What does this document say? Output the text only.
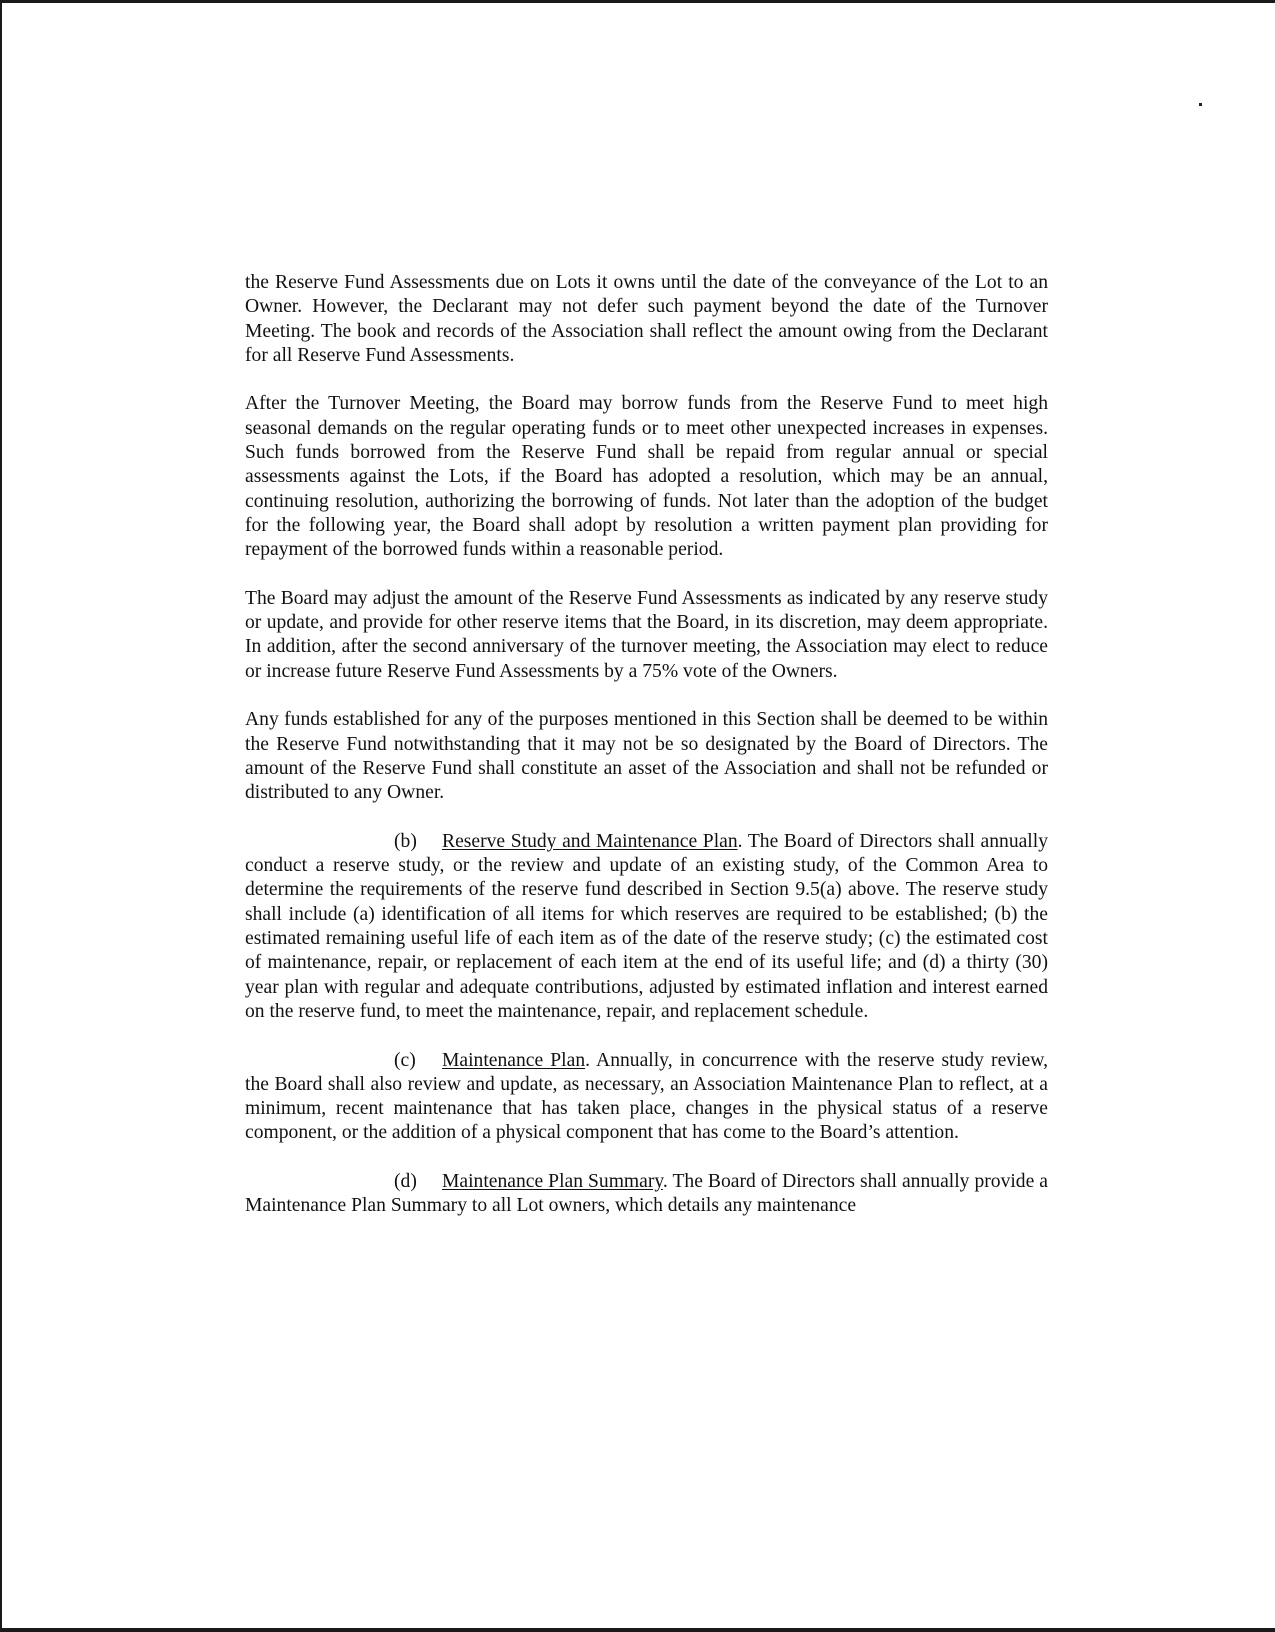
the Reserve Fund Assessments due on Lots it owns until the date of the conveyance of the Lot to an Owner. However, the Declarant may not defer such payment beyond the date of the Turnover Meeting. The book and records of the Association shall reflect the amount owing from the Declarant for all Reserve Fund Assessments.

After the Turnover Meeting, the Board may borrow funds from the Reserve Fund to meet high seasonal demands on the regular operating funds or to meet other unexpected increases in expenses. Such funds borrowed from the Reserve Fund shall be repaid from regular annual or special assessments against the Lots, if the Board has adopted a resolution, which may be an annual, continuing resolution, authorizing the borrowing of funds. Not later than the adoption of the budget for the following year, the Board shall adopt by resolution a written payment plan providing for repayment of the borrowed funds within a reasonable period.

The Board may adjust the amount of the Reserve Fund Assessments as indicated by any reserve study or update, and provide for other reserve items that the Board, in its discretion, may deem appropriate. In addition, after the second anniversary of the turnover meeting, the Association may elect to reduce or increase future Reserve Fund Assessments by a 75% vote of the Owners.

Any funds established for any of the purposes mentioned in this Section shall be deemed to be within the Reserve Fund notwithstanding that it may not be so designated by the Board of Directors. The amount of the Reserve Fund shall constitute an asset of the Association and shall not be refunded or distributed to any Owner.

(b) Reserve Study and Maintenance Plan. The Board of Directors shall annually conduct a reserve study, or the review and update of an existing study, of the Common Area to determine the requirements of the reserve fund described in Section 9.5(a) above. The reserve study shall include (a) identification of all items for which reserves are required to be established; (b) the estimated remaining useful life of each item as of the date of the reserve study; (c) the estimated cost of maintenance, repair, or replacement of each item at the end of its useful life; and (d) a thirty (30) year plan with regular and adequate contributions, adjusted by estimated inflation and interest earned on the reserve fund, to meet the maintenance, repair, and replacement schedule.

(c) Maintenance Plan. Annually, in concurrence with the reserve study review, the Board shall also review and update, as necessary, an Association Maintenance Plan to reflect, at a minimum, recent maintenance that has taken place, changes in the physical status of a reserve component, or the addition of a physical component that has come to the Board’s attention.

(d) Maintenance Plan Summary. The Board of Directors shall annually provide a Maintenance Plan Summary to all Lot owners, which details any maintenance
